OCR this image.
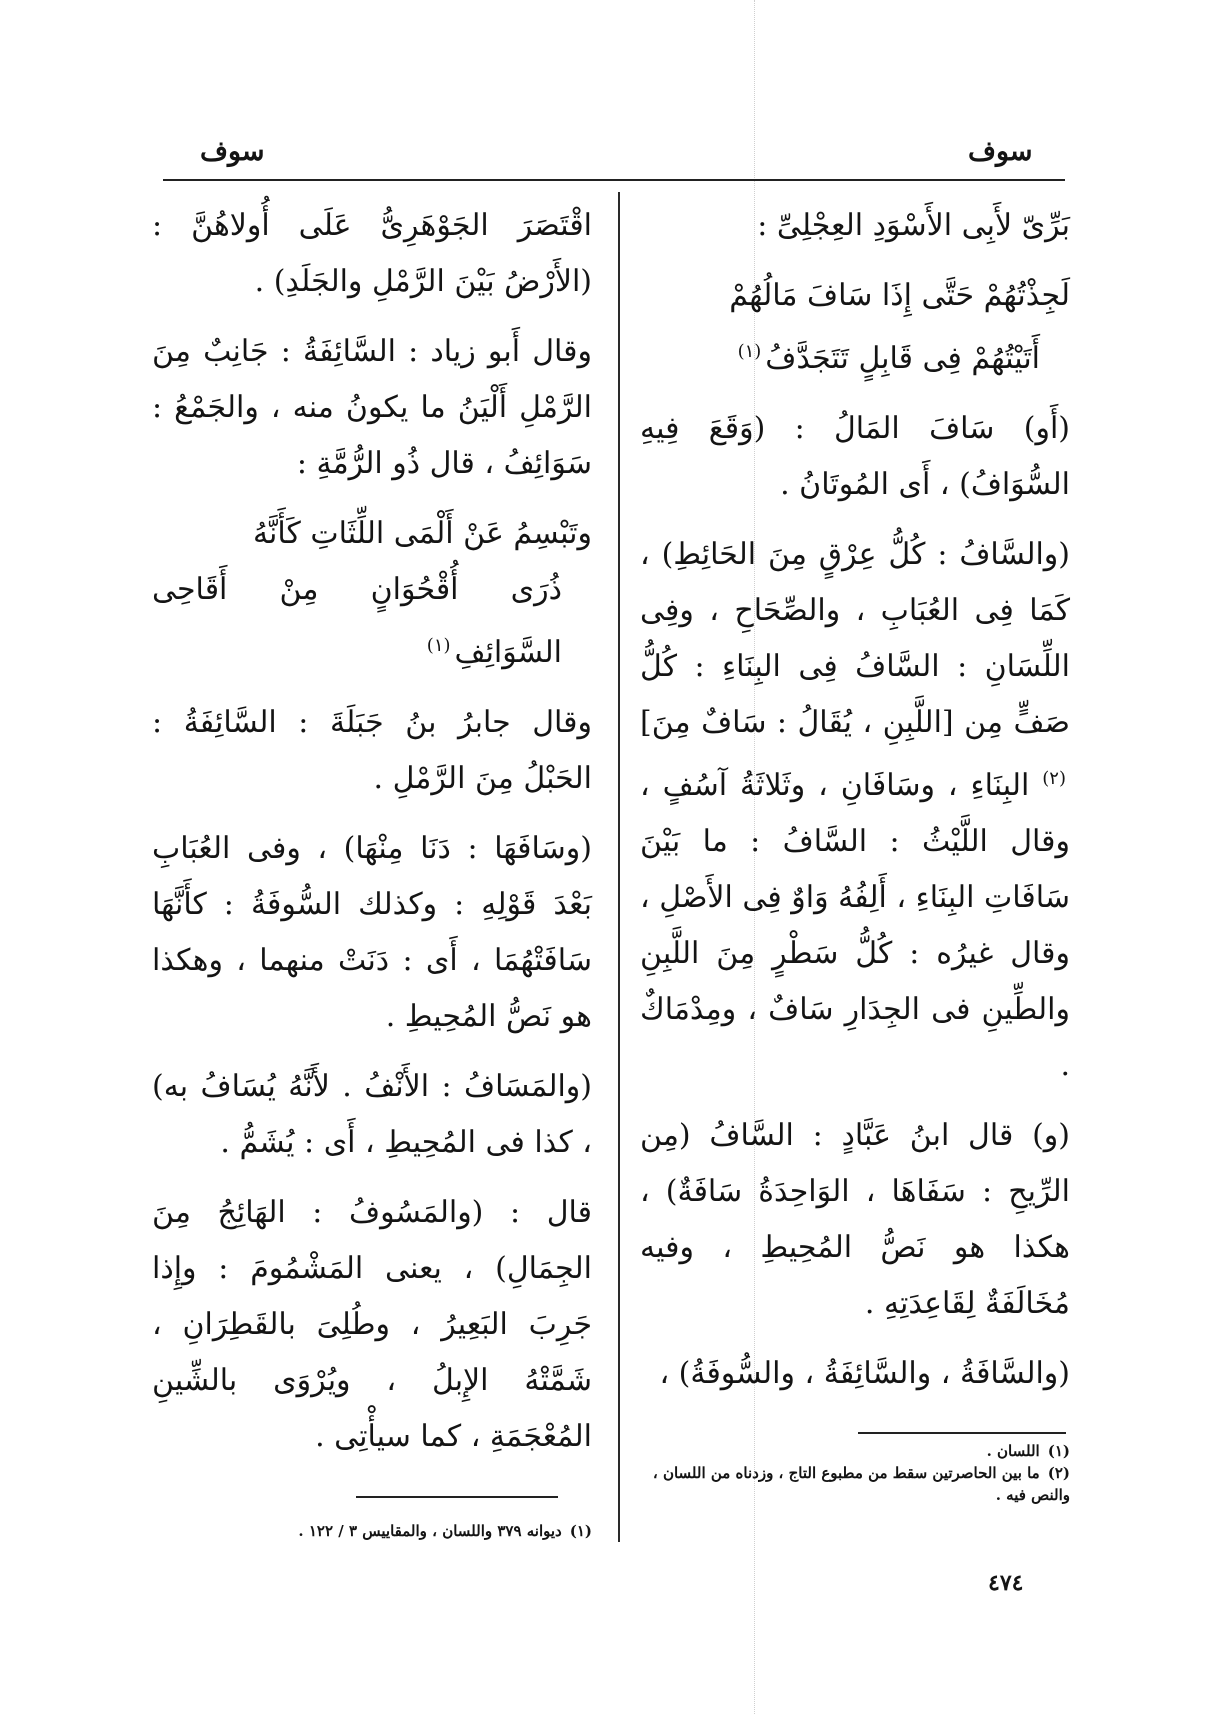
سوف
سوف

بَرِّىّ لأَبِى الأَسْوَدِ العِجْلِىِّ :

لَجِذْتُهُمْ حَتَّى إِذَا سَافَ مَالُهُمْ
أَتَيْتُهُمْ فِى قَابِلٍ تَتَجَدَّفُ$^{(١)}$

(أَو) سَافَ المَالُ : (وَقَعَ فِيهِ السُّوَافُ) ، أَى المُوتَانُ .

(والسَّافُ : كُلُّ عِرْقٍ مِنَ الحَائِطِ) ، كَمَا فِى العُبَابِ ، والصِّحَاحِ ، وفِى اللِّسَانِ : السَّافُ فِى البِنَاءِ : كُلُّ صَفٍّ مِن [اللَّبِنِ ، يُقَالُ : سَافٌ مِنَ]$^{(٢)}$ البِنَاءِ ، وسَافَانِ ، وثَلاثَةُ آسُفٍ ، وقال اللَّيْثُ : السَّافُ : ما بَيْنَ سَافَاتِ البِنَاءِ ، أَلِفُهُ وَاوٌ فِى الأَصْلِ ، وقال غيرُه : كُلُّ سَطْرٍ مِنَ اللَّبِنِ والطِّينِ فى الجِدَارِ سَافٌ ، ومِدْمَاكٌ .

(و) قال ابنُ عَبَّادٍ : السَّافُ (مِن الرِّيحِ : سَفَاهَا ، الوَاحِدَةُ سَافَةٌ) ، هكذا هو نَصُّ المُحِيطِ ، وفيه مُخَالَفَةٌ لِقَاعِدَتِهِ .

(والسَّافَةُ ، والسَّائِفَةُ ، والسُّوفَةُ) ،

اقْتَصَرَ الجَوْهَرِىُّ عَلَى أُولاهُنَّ : (الأَرْضُ بَيْنَ الرَّمْلِ والجَلَدِ) .

وقال أَبو زياد : السَّائِفَةُ : جَانِبٌ مِنَ الرَّمْلِ أَلْيَنُ ما يكونُ منه ، والجَمْعُ : سَوَائِفُ ، قال ذُو الرُّمَّةِ :

وتَبْسِمُ عَنْ أَلْمَى اللِّثَاتِ كَأَنَّهُ
ذُرَى أُقْحُوَانٍ مِنْ أَقَاحِى السَّوَائِفِ$^{(١)}$

وقال جابرُ بنُ جَبَلَةَ : السَّائِفَةُ : الحَبْلُ مِنَ الرَّمْلِ .

(وسَافَهَا : دَنَا مِنْهَا) ، وفى العُبَابِ بَعْدَ قَوْلِهِ : وكذلك السُّوفَةُ : كأَنَّهَا سَافَتْهُمَا ، أَى : دَنَتْ منهما ، وهكذا هو نَصُّ المُحِيطِ .

(والمَسَافُ : الأَنْفُ . لأَنَّهُ يُسَافُ به) ، كذا فى المُحِيطِ ، أَى : يُشَمُّ .

قال : (والمَسُوفُ : الهَائِجُ مِنَ الجِمَالِ) ، يعنى المَشْمُومَ : وإِذا جَرِبَ البَعِيرُ ، وطُلِىَ بالقَطِرَانِ ، شَمَّتْهُ الإِبلُ ، ويُرْوَى بالشِّينِ المُعْجَمَةِ ، كما سيأْتِى .	(١)اللسان .
(٢)ما بين الحاصرتين سقط من مطبوع التاج ، وزدناه من اللسان ، والنص فيه .
(١)ديوانه ٣٧٩ واللسان ، والمقاييس ٣ / ١٢٢ .
٤٧٤
